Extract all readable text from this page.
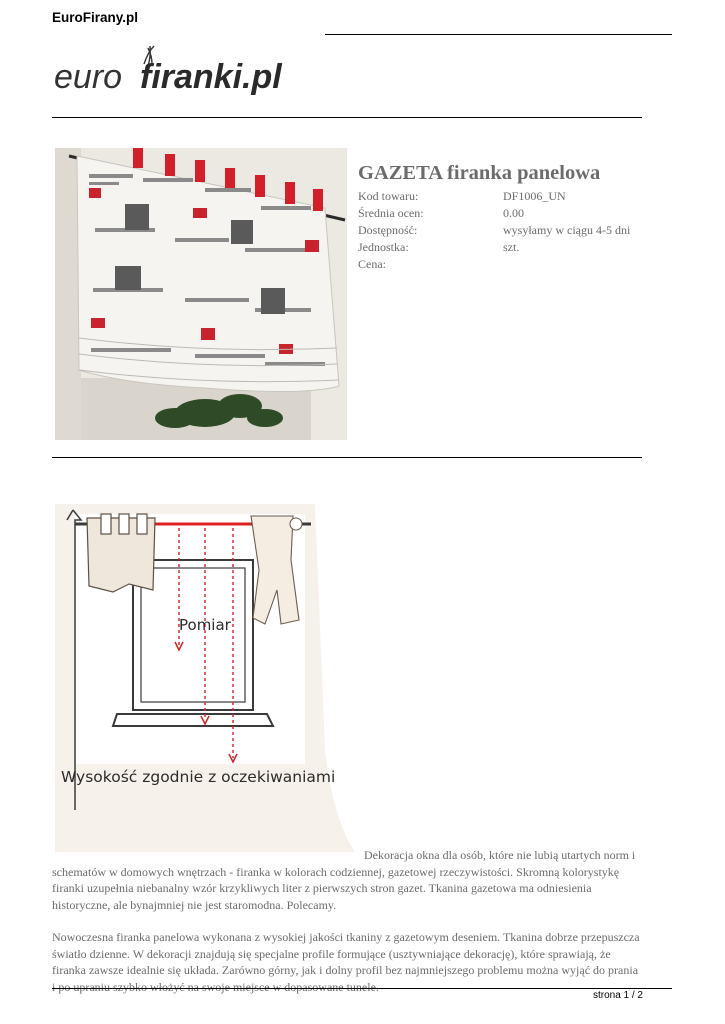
EuroFirany.pl
euro firanki.pl
GAZETA firanka panelowa
Kod towaru:	DF1006_UN
Średnia ocen:	0.00
Dostępność:	wysyłamy w ciągu 4-5 dni
Jednostka:	szt.
Cena:
Pomiar
Wysokość zgodnie z oczekiwaniami

Dekoracja okna dla osób, które nie lubią utartych norm i schematów w domowych wnętrzach - firanka w kolorach codziennej, gazetowej rzeczywistości. Skromną kolorystykę firanki uzupełnia niebanalny wzór krzykliwych liter z pierwszych stron gazet. Tkanina gazetowa ma odniesienia historyczne, ale bynajmniej nie jest staromodna. Polecamy.

Nowoczesna firanka panelowa wykonana z wysokiej jakości tkaniny z gazetowym deseniem. Tkanina dobrze przepuszcza światło dzienne. W dekoracji znajdują się specjalne profile formujące (usztywniające dekorację), które sprawiają, że firanka zawsze idealnie się układa. Zarówno górny, jak i dolny profil bez najmniejszego problemu można wyjąć do prania i po upraniu szybko włożyć na swoje miejsce w dopasowane tunele.

strona 1 / 2
